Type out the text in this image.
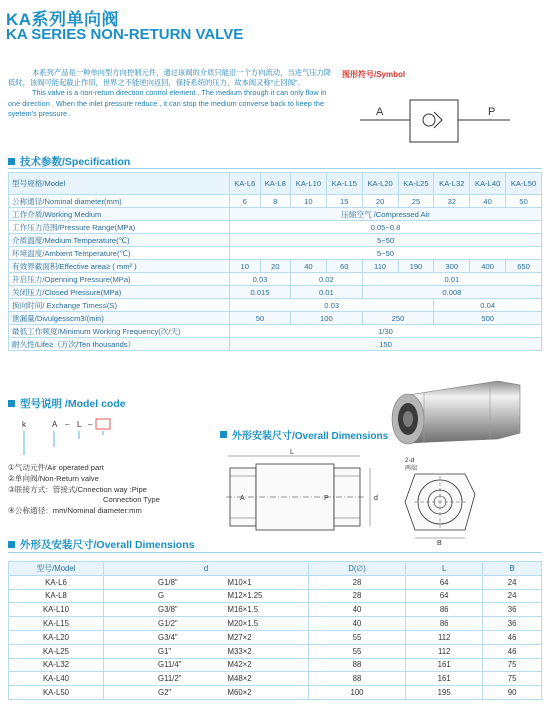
KA系列单向阀
KA SERIES NON-RETURN VALVE

本系列产品是一种单向型方向控制元件，通过该阀的介质只能沿一个方向流动，当进气压力降低时，该阀可能起截止作用，世界之不能逆向返回，保持系统的压力，故本阀又称“止回阀”。

This valve is a non-return direction control element . The medium through it can only flow in one direction . When the inlet pressure reduce , it can stop the medium converse back to keep the syetem’s pressure .

图形符号/Symbol
A	P
技术参数/Specification
型号规格/Model	KA-L6	KA-L8	KA-L10	KA-L15	KA-L20	KA-L25	KA-L32	KA-L40	KA-L50
公称通径/Nominal diameter(mm)	6	8	10	15	20	25	32	40	50
工作介质/Working Medium	压缩空气 /Compressed Air								
工作压力范围/Pressure Range(MPa)	0.05~0.8								
介质温度/Medium Temperature(℃)	5~50								
环境温度/Ambient Temperature(℃)	5~50								
有效界截面积/Effective area≥ ( mm² )	10	20	40	60	110	190	300	400	650
开启压力/Openning Pressure(MPa)	0.03		0.02		0.01				
关闭压力/Closed Pressure(MPa)	0.015		0.01		0.008				
换向时间/ Exchange Times≤(S)	0.03						0.04		
泄漏量/Divulges≤cm3/(min)	50		100		250		500		
最低工作频度/Minimum Working Frequency(次/天)	1/30								
耐久性/Life≥（万次/Ten thousands）	150								
型号说明 /Model code
k	A – L –
①气动元件/Air operated part
②单向阀/Non-Return valve
③联接方式：管接式/Cnnection way :Pipe
Connection Type
④公称通径：mm/Nominal diameter:mm
外形安装尺寸/Overall Dimensions
L
A	P	d
2-d
两端
B
外形及安装尺寸/Overall Dimensions
型号/Model	d		D(∅)	L	B
KA-L6	G1/8"	M10×1	28	64	24
KA-L8	G	M12×1.25	28	64	24
KA-L10	G3/8"	M16×1.5	40	86	36
KA-L15	G1/2"	M20×1.5	40	86	36
KA-L20	G3/4"	M27×2	55	112	46
KA-L25	G1"	M33×2	55	112	46
KA-L32	G11/4"	M42×2	88	161	75
KA-L40	G11/2"	M48×2	88	161	75
KA-L50	G2"	M60×2	100	195	90
